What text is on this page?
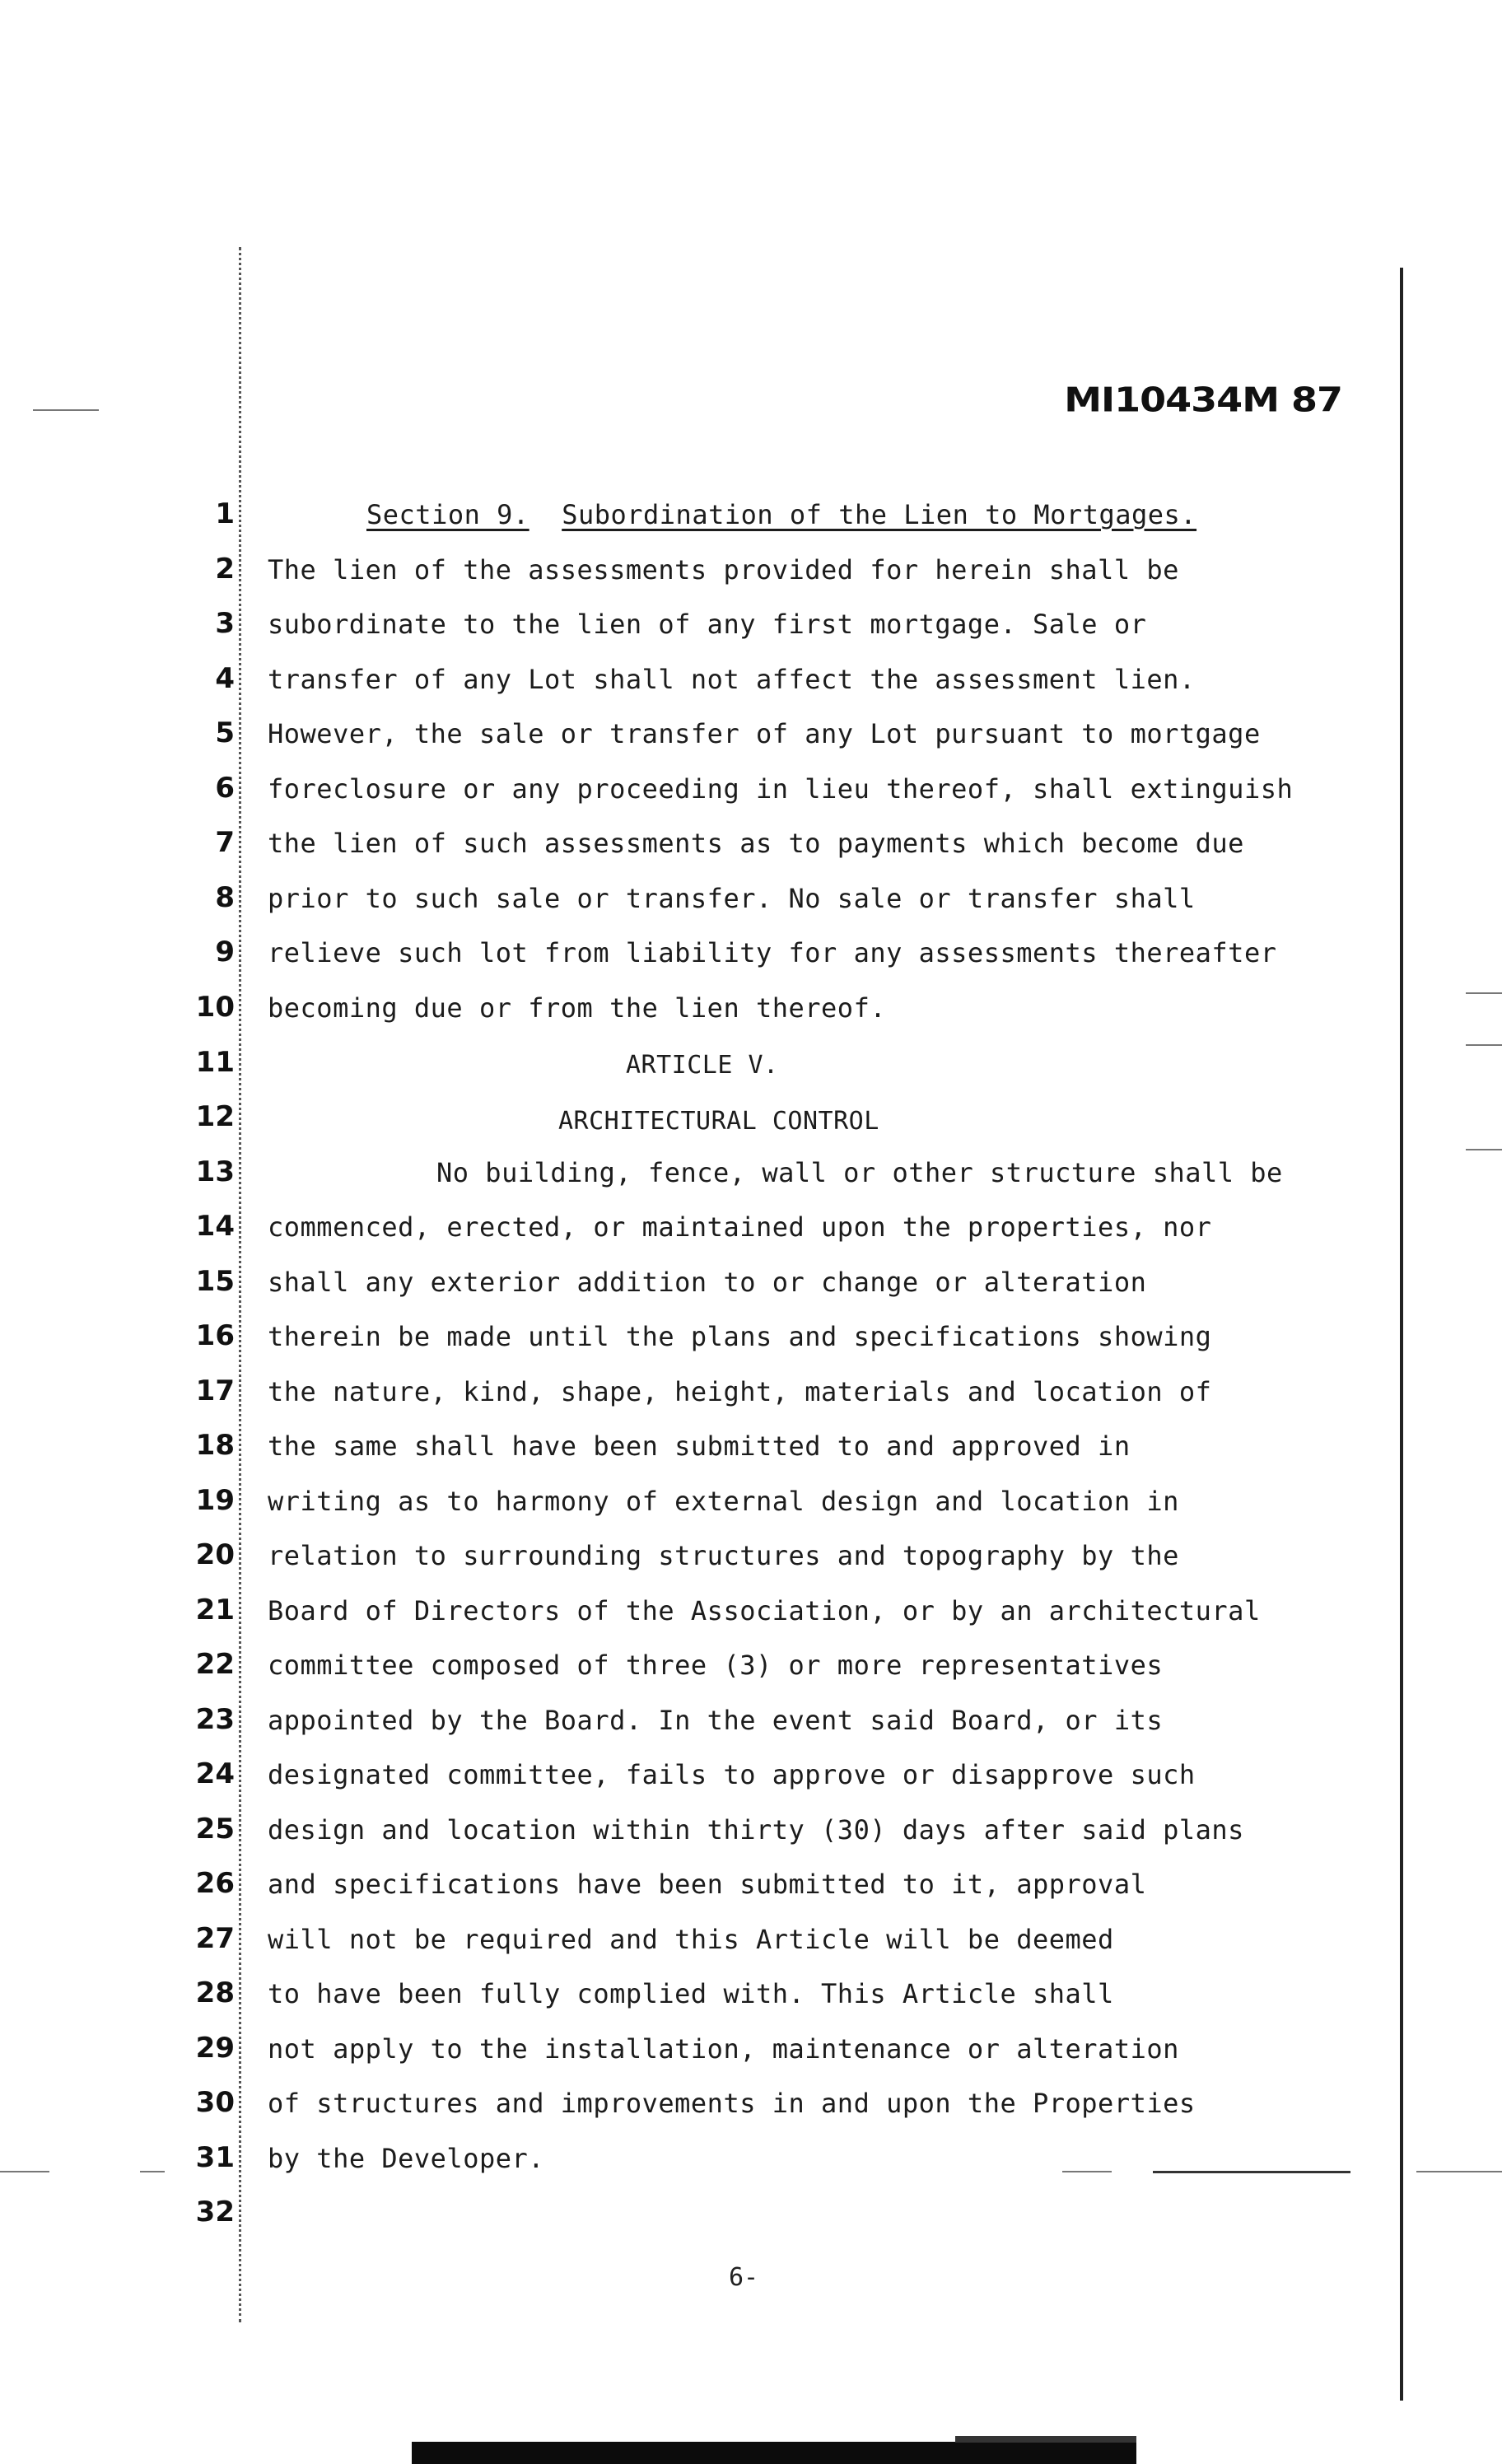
MI10434M 87
1
2
3
4
5
6
7
8
9
10
11
12
13
14
15
16
17
18
19
20
21
22
23
24
25
26
27
28
29
30
31
32
Section 9. Subordination of the Lien to Mortgages.
The lien of the assessments provided for herein shall be
subordinate to the lien of any first mortgage. Sale or
transfer of any Lot shall not affect the assessment lien.
However, the sale or transfer of any Lot pursuant to mortgage
foreclosure or any proceeding in lieu thereof, shall extinguish
the lien of such assessments as to payments which become due
prior to such sale or transfer. No sale or transfer shall
relieve such lot from liability for any assessments thereafter
becoming due or from the lien thereof.
ARTICLE V.
ARCHITECTURAL CONTROL
No building, fence, wall or other structure shall be
commenced, erected, or maintained upon the properties, nor
shall any exterior addition to or change or alteration
therein be made until the plans and specifications showing
the nature, kind, shape, height, materials and location of
the same shall have been submitted to and approved in
writing as to harmony of external design and location in
relation to surrounding structures and topography by the
Board of Directors of the Association, or by an architectural
committee composed of three (3) or more representatives
appointed by the Board. In the event said Board, or its
designated committee, fails to approve or disapprove such
design and location within thirty (30) days after said plans
and specifications have been submitted to it, approval
will not be required and this Article will be deemed
to have been fully complied with. This Article shall
not apply to the installation, maintenance or alteration
of structures and improvements in and upon the Properties
by the Developer.
6-
